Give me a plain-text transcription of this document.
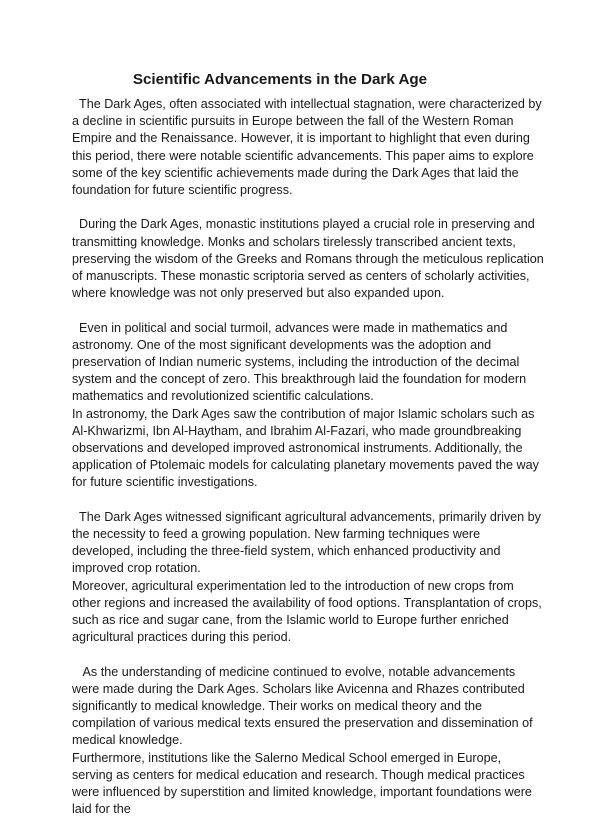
Scientific Advancements in the Dark Age

The Dark Ages, often associated with intellectual stagnation, were characterized by a decline in scientific pursuits in Europe between the fall of the Western Roman Empire and the Renaissance. However, it is important to highlight that even during this period, there were notable scientific advancements. This paper aims to explore some of the key scientific achievements made during the Dark Ages that laid the foundation for future scientific progress.

During the Dark Ages, monastic institutions played a crucial role in preserving and transmitting knowledge. Monks and scholars tirelessly transcribed ancient texts, preserving the wisdom of the Greeks and Romans through the meticulous replication of manuscripts. These monastic scriptoria served as centers of scholarly activities, where knowledge was not only preserved but also expanded upon.

Even in political and social turmoil, advances were made in mathematics and astronomy. One of the most significant developments was the adoption and preservation of Indian numeric systems, including the introduction of the decimal system and the concept of zero. This breakthrough laid the foundation for modern mathematics and revolutionized scientific calculations.

In astronomy, the Dark Ages saw the contribution of major Islamic scholars such as Al-Khwarizmi, Ibn Al-Haytham, and Ibrahim Al-Fazari, who made groundbreaking observations and developed improved astronomical instruments. Additionally, the application of Ptolemaic models for calculating planetary movements paved the way for future scientific investigations.

The Dark Ages witnessed significant agricultural advancements, primarily driven by the necessity to feed a growing population. New farming techniques were developed, including the three-field system, which enhanced productivity and improved crop rotation.

Moreover, agricultural experimentation led to the introduction of new crops from other regions and increased the availability of food options. Transplantation of crops, such as rice and sugar cane, from the Islamic world to Europe further enriched agricultural practices during this period.

As the understanding of medicine continued to evolve, notable advancements were made during the Dark Ages. Scholars like Avicenna and Rhazes contributed significantly to medical knowledge. Their works on medical theory and the compilation of various medical texts ensured the preservation and dissemination of medical knowledge.

Furthermore, institutions like the Salerno Medical School emerged in Europe, serving as centers for medical education and research. Though medical practices were influenced by superstition and limited knowledge, important foundations were laid for the
